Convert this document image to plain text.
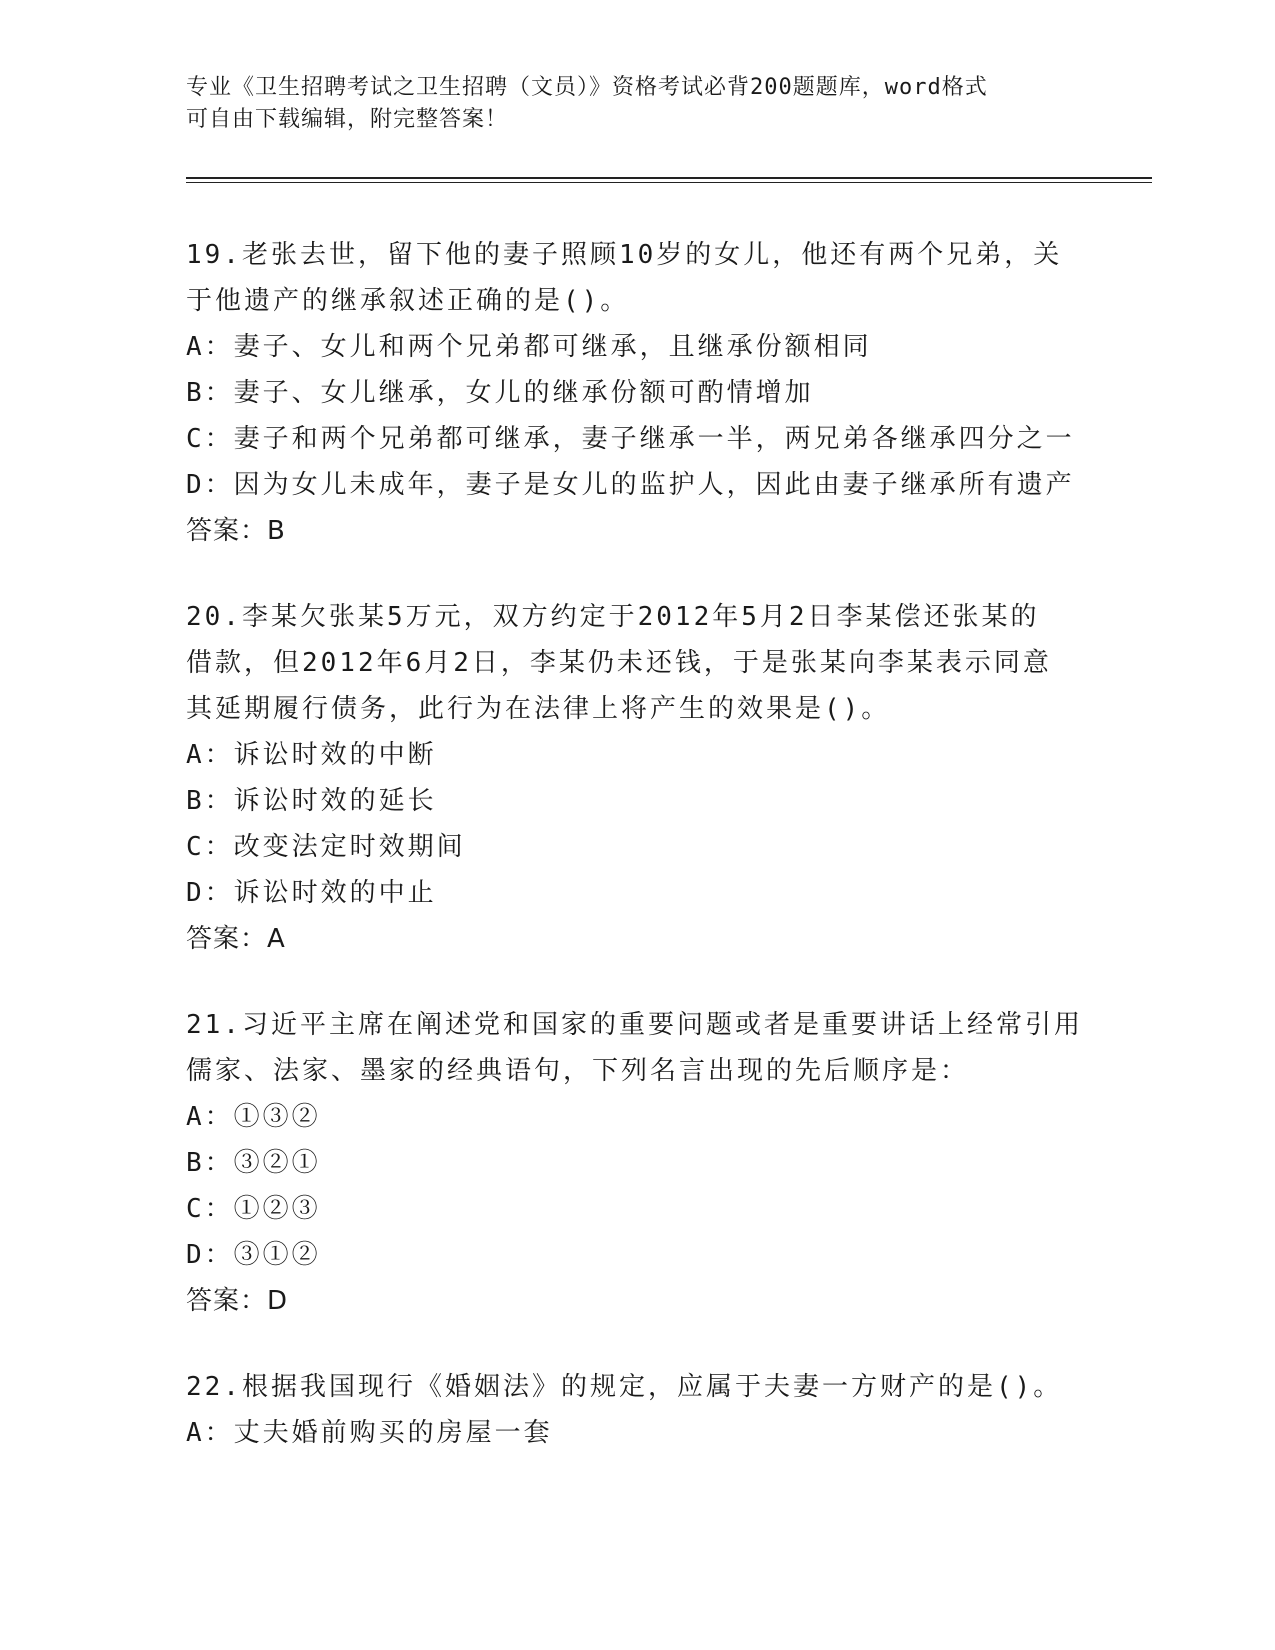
专业《卫生招聘考试之卫生招聘（文员）》资格考试必背200题题库，word格式
可自由下载编辑，附完整答案！

19.老张去世，留下他的妻子照顾10岁的女儿，他还有两个兄弟，关

于他遗产的继承叙述正确的是()。

A：妻子、女儿和两个兄弟都可继承，且继承份额相同

B：妻子、女儿继承，女儿的继承份额可酌情增加

C：妻子和两个兄弟都可继承，妻子继承一半，两兄弟各继承四分之一

D：因为女儿未成年，妻子是女儿的监护人，因此由妻子继承所有遗产

答案：B

20.李某欠张某5万元，双方约定于2012年5月2日李某偿还张某的

借款，但2012年6月2日，李某仍未还钱，于是张某向李某表示同意

其延期履行债务，此行为在法律上将产生的效果是()。

A：诉讼时效的中断

B：诉讼时效的延长

C：改变法定时效期间

D：诉讼时效的中止

答案：A

21.习近平主席在阐述党和国家的重要问题或者是重要讲话上经常引用

儒家、法家、墨家的经典语句，下列名言出现的先后顺序是：

A：①③②

B：③②①

C：①②③

D：③①②

答案：D

22.根据我国现行《婚姻法》的规定，应属于夫妻一方财产的是()。

A：丈夫婚前购买的房屋一套
